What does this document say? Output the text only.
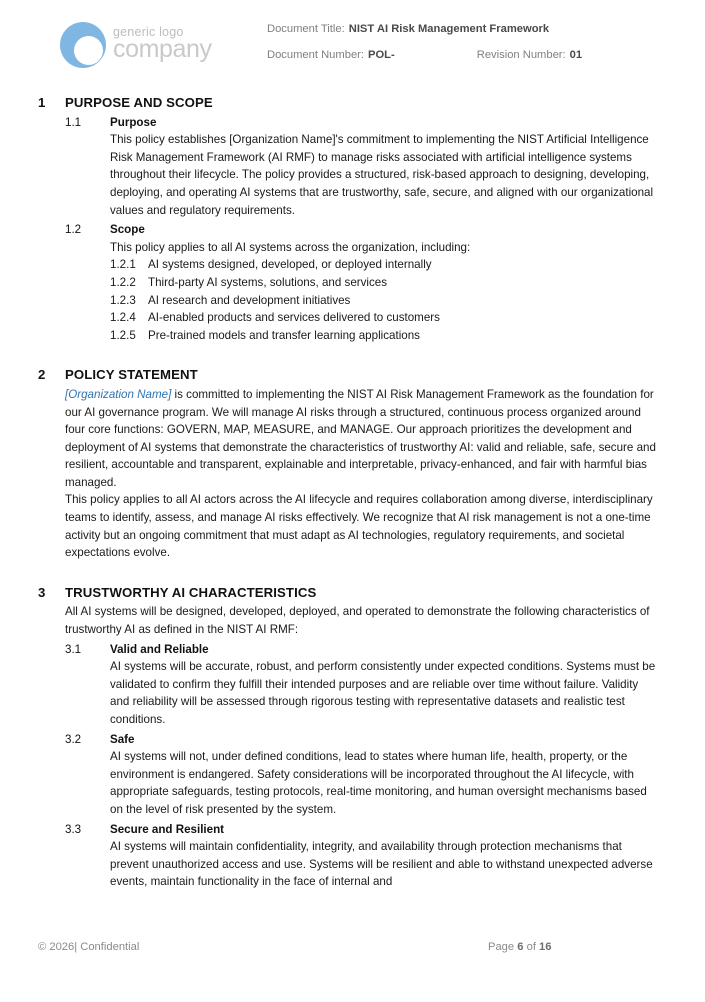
generic logo
company
Document Title: NIST AI Risk Management Framework
Document Number: POL-	Revision Number: 01
1	PURPOSE AND SCOPE
1.1	Purpose
This policy establishes [Organization Name]'s commitment to implementing the NIST Artificial Intelligence Risk Management Framework (AI RMF) to manage risks associated with artificial intelligence systems throughout their lifecycle. The policy provides a structured, risk-based approach to designing, developing, deploying, and operating AI systems that are trustworthy, safe, secure, and aligned with our organizational values and regulatory requirements.
1.2	Scope
This policy applies to all AI systems across the organization, including:
1.2.1	AI systems designed, developed, or deployed internally
1.2.2	Third-party AI systems, solutions, and services
1.2.3	AI research and development initiatives
1.2.4	AI-enabled products and services delivered to customers
1.2.5	Pre-trained models and transfer learning applications
2	POLICY STATEMENT
[Organization Name] is committed to implementing the NIST AI Risk Management Framework as the foundation for our AI governance program. We will manage AI risks through a structured, continuous process organized around four core functions: GOVERN, MAP, MEASURE, and MANAGE. Our approach prioritizes the development and deployment of AI systems that demonstrate the characteristics of trustworthy AI: valid and reliable, safe, secure and resilient, accountable and transparent, explainable and interpretable, privacy-enhanced, and fair with harmful bias managed.
This policy applies to all AI actors across the AI lifecycle and requires collaboration among diverse, interdisciplinary teams to identify, assess, and manage AI risks effectively. We recognize that AI risk management is not a one-time activity but an ongoing commitment that must adapt as AI technologies, regulatory requirements, and societal expectations evolve.
3	TRUSTWORTHY AI CHARACTERISTICS
All AI systems will be designed, developed, deployed, and operated to demonstrate the following characteristics of trustworthy AI as defined in the NIST AI RMF:
3.1	Valid and Reliable
AI systems will be accurate, robust, and perform consistently under expected conditions. Systems must be validated to confirm they fulfill their intended purposes and are reliable over time without failure. Validity and reliability will be assessed through rigorous testing with representative datasets and realistic test conditions.
3.2	Safe
AI systems will not, under defined conditions, lead to states where human life, health, property, or the environment is endangered. Safety considerations will be incorporated throughout the AI lifecycle, with appropriate safeguards, testing protocols, real-time monitoring, and human oversight mechanisms based on the level of risk presented by the system.
3.3	Secure and Resilient
AI systems will maintain confidentiality, integrity, and availability through protection mechanisms that prevent unauthorized access and use. Systems will be resilient and able to withstand unexpected adverse events, maintain functionality in the face of internal and
© 2026| Confidential	Page 6 of 16
